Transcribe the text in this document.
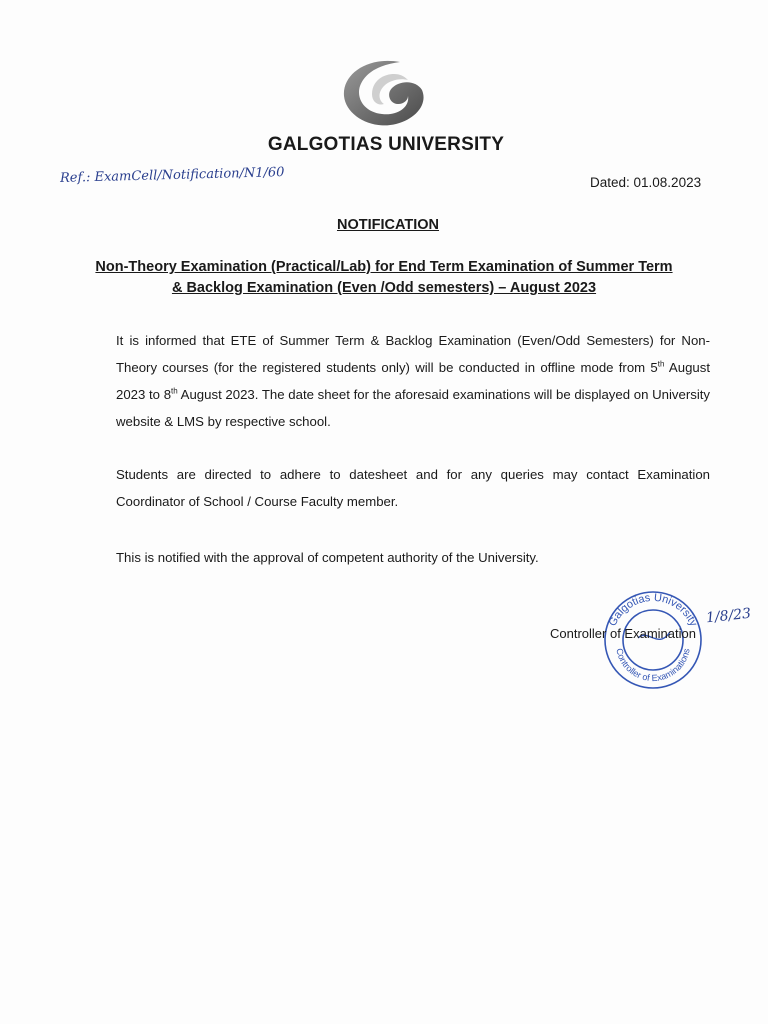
GALGOTIAS UNIVERSITY
Ref.: ExamCell/Notification/N1/60	Dated: 01.08.2023
NOTIFICATION
Non-Theory Examination (Practical/Lab) for End Term Examination of Summer Term
& Backlog Examination (Even /Odd semesters) – August 2023
It is informed that ETE of Summer Term & Backlog Examination (Even/Odd Semesters) for Non-Theory courses (for the registered students only) will be conducted in offline mode from 5th August 2023 to 8th August 2023. The date sheet for the aforesaid examinations will be displayed on University website & LMS by respective school.
Students are directed to adhere to datesheet and for any queries may contact Examination Coordinator of School / Course Faculty member.
This is notified with the approval of competent authority of the University.
Galgotias University
Controller of Examinations
Controller of Examination
1/8/23
